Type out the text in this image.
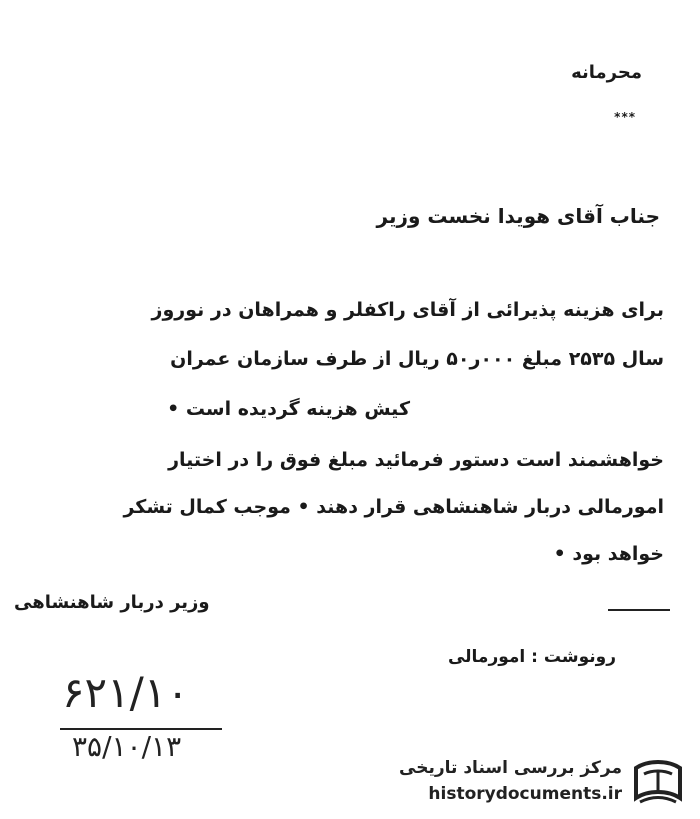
محرمانه
***
جناب آقای هویدا نخست وزیر
برای هزینه پذیرائی از آقای راکفلر و همراهان در نوروز
سال ۲۵۳۵ مبلغ ۰۰۰ر۵۰ ریال از طرف سازمان عمران
کیش هزینه گردیده است •
خواهشمند است دستور فرمائید مبلغ فوق را در اختیار
امورمالی دربار شاهنشاهی قرار دهند • موجب کمال تشکر
خواهد بود •
وزیر دربار شاهنشاهی
رونوشت : امورمالی
۶۲۱/۱۰
۳۵/۱۰/۱۳
مرکز بررسی اسناد تاریخی
historydocuments.ir
